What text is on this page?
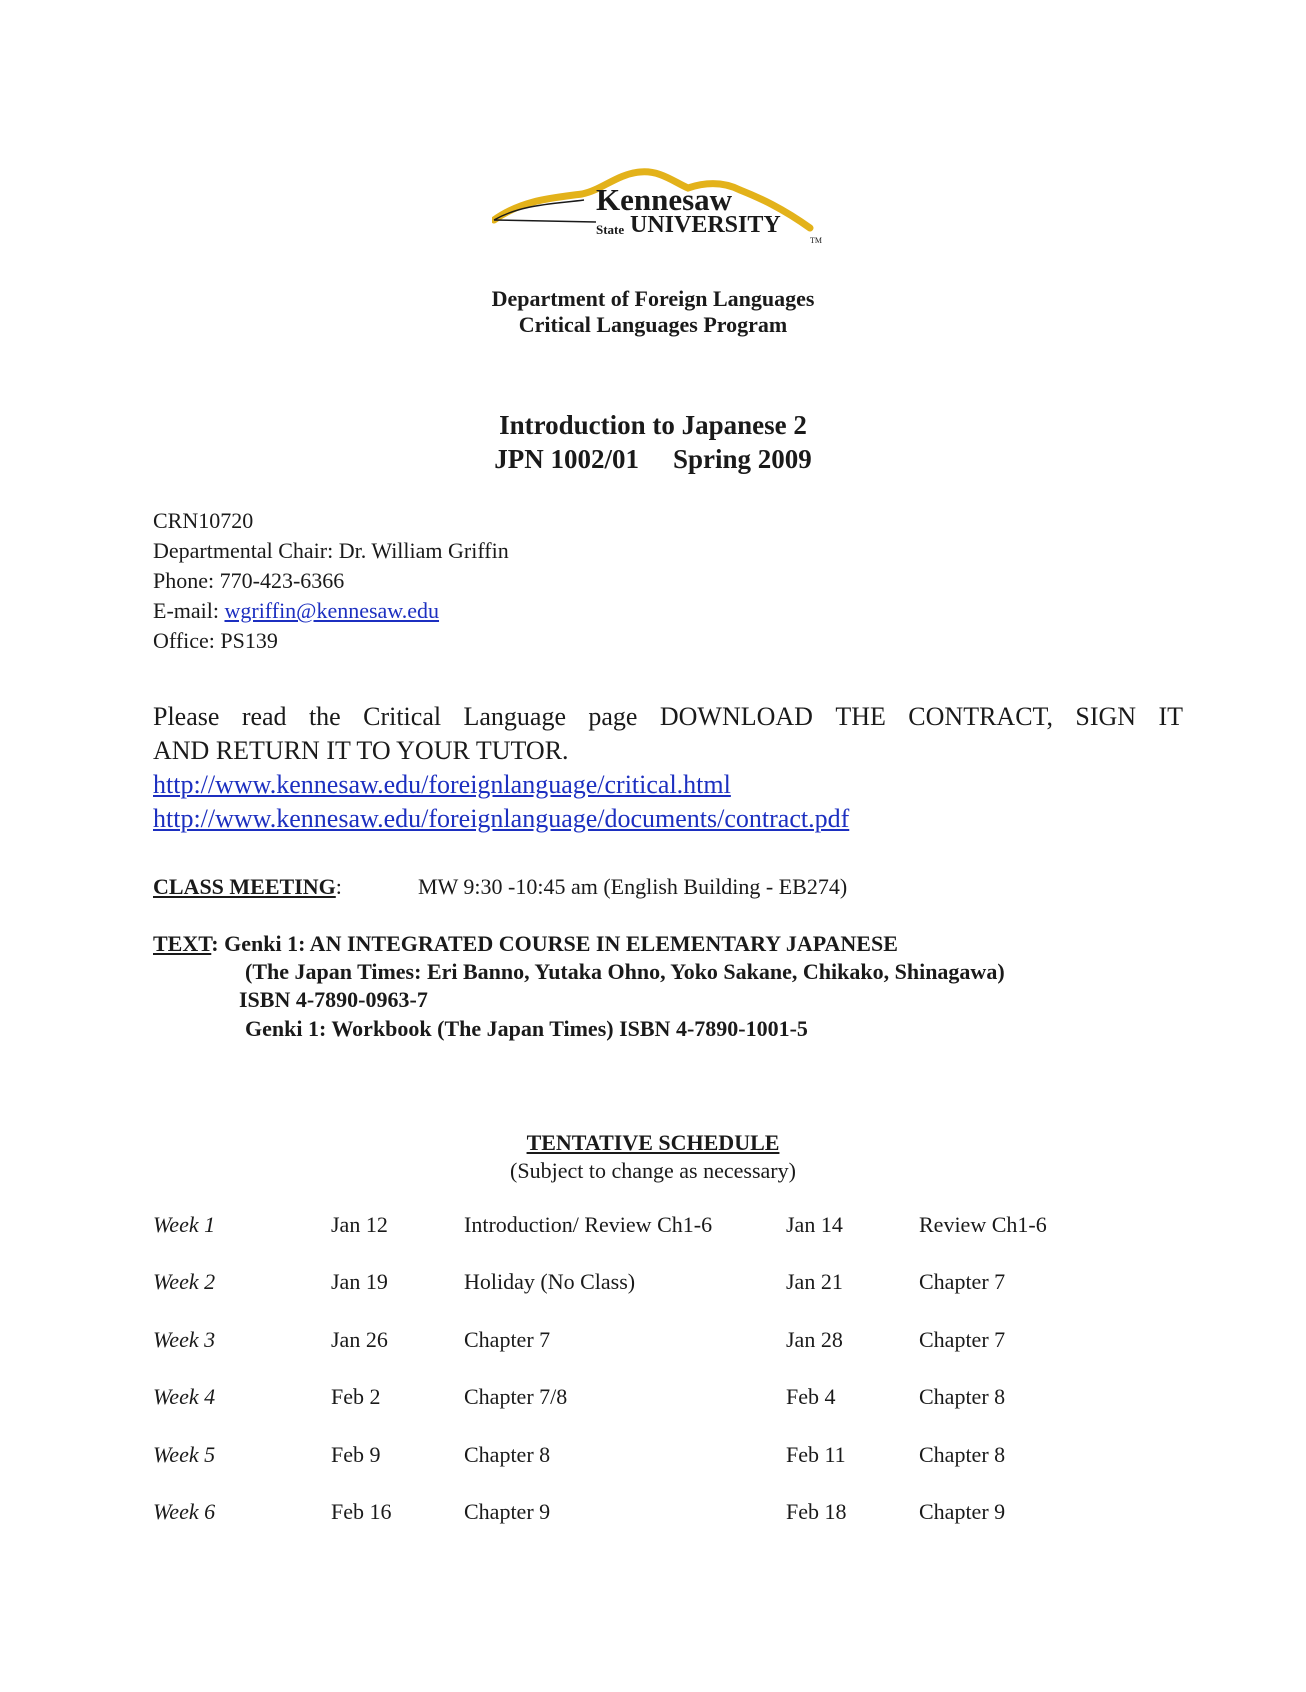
Kennesaw
State UNIVERSITY
TM
Department of Foreign Languages
Critical Languages Program
Introduction to Japanese 2
JPN 1002/01 Spring 2009
CRN10720
Departmental Chair: Dr. William Griffin
Phone: 770-423-6366
E-mail: wgriffin@kennesaw.edu
Office: PS139
Please read the Critical Language page DOWNLOAD THE CONTRACT, SIGN IT
AND RETURN IT TO YOUR TUTOR.
http://www.kennesaw.edu/foreignlanguage/critical.html
http://www.kennesaw.edu/foreignlanguage/documents/contract.pdf
CLASS MEETING:	MW 9:30 -10:45 am (English Building - EB274)
TEXT: Genki 1: AN INTEGRATED COURSE IN ELEMENTARY JAPANESE
(The Japan Times: Eri Banno, Yutaka Ohno, Yoko Sakane, Chikako, Shinagawa)
ISBN 4-7890-0963-7
Genki 1: Workbook (The Japan Times) ISBN 4-7890-1001-5
TENTATIVE SCHEDULE
(Subject to change as necessary)
Week 1	Jan 12	Introduction/ Review Ch1-6	Jan 14	Review Ch1-6
Week 2	Jan 19	Holiday (No Class)	Jan 21	Chapter 7
Week 3	Jan 26	Chapter 7	Jan 28	Chapter 7
Week 4	Feb 2	Chapter 7/8	Feb 4	Chapter 8
Week 5	Feb 9	Chapter 8	Feb 11	Chapter 8
Week 6	Feb 16	Chapter 9	Feb 18	Chapter 9
